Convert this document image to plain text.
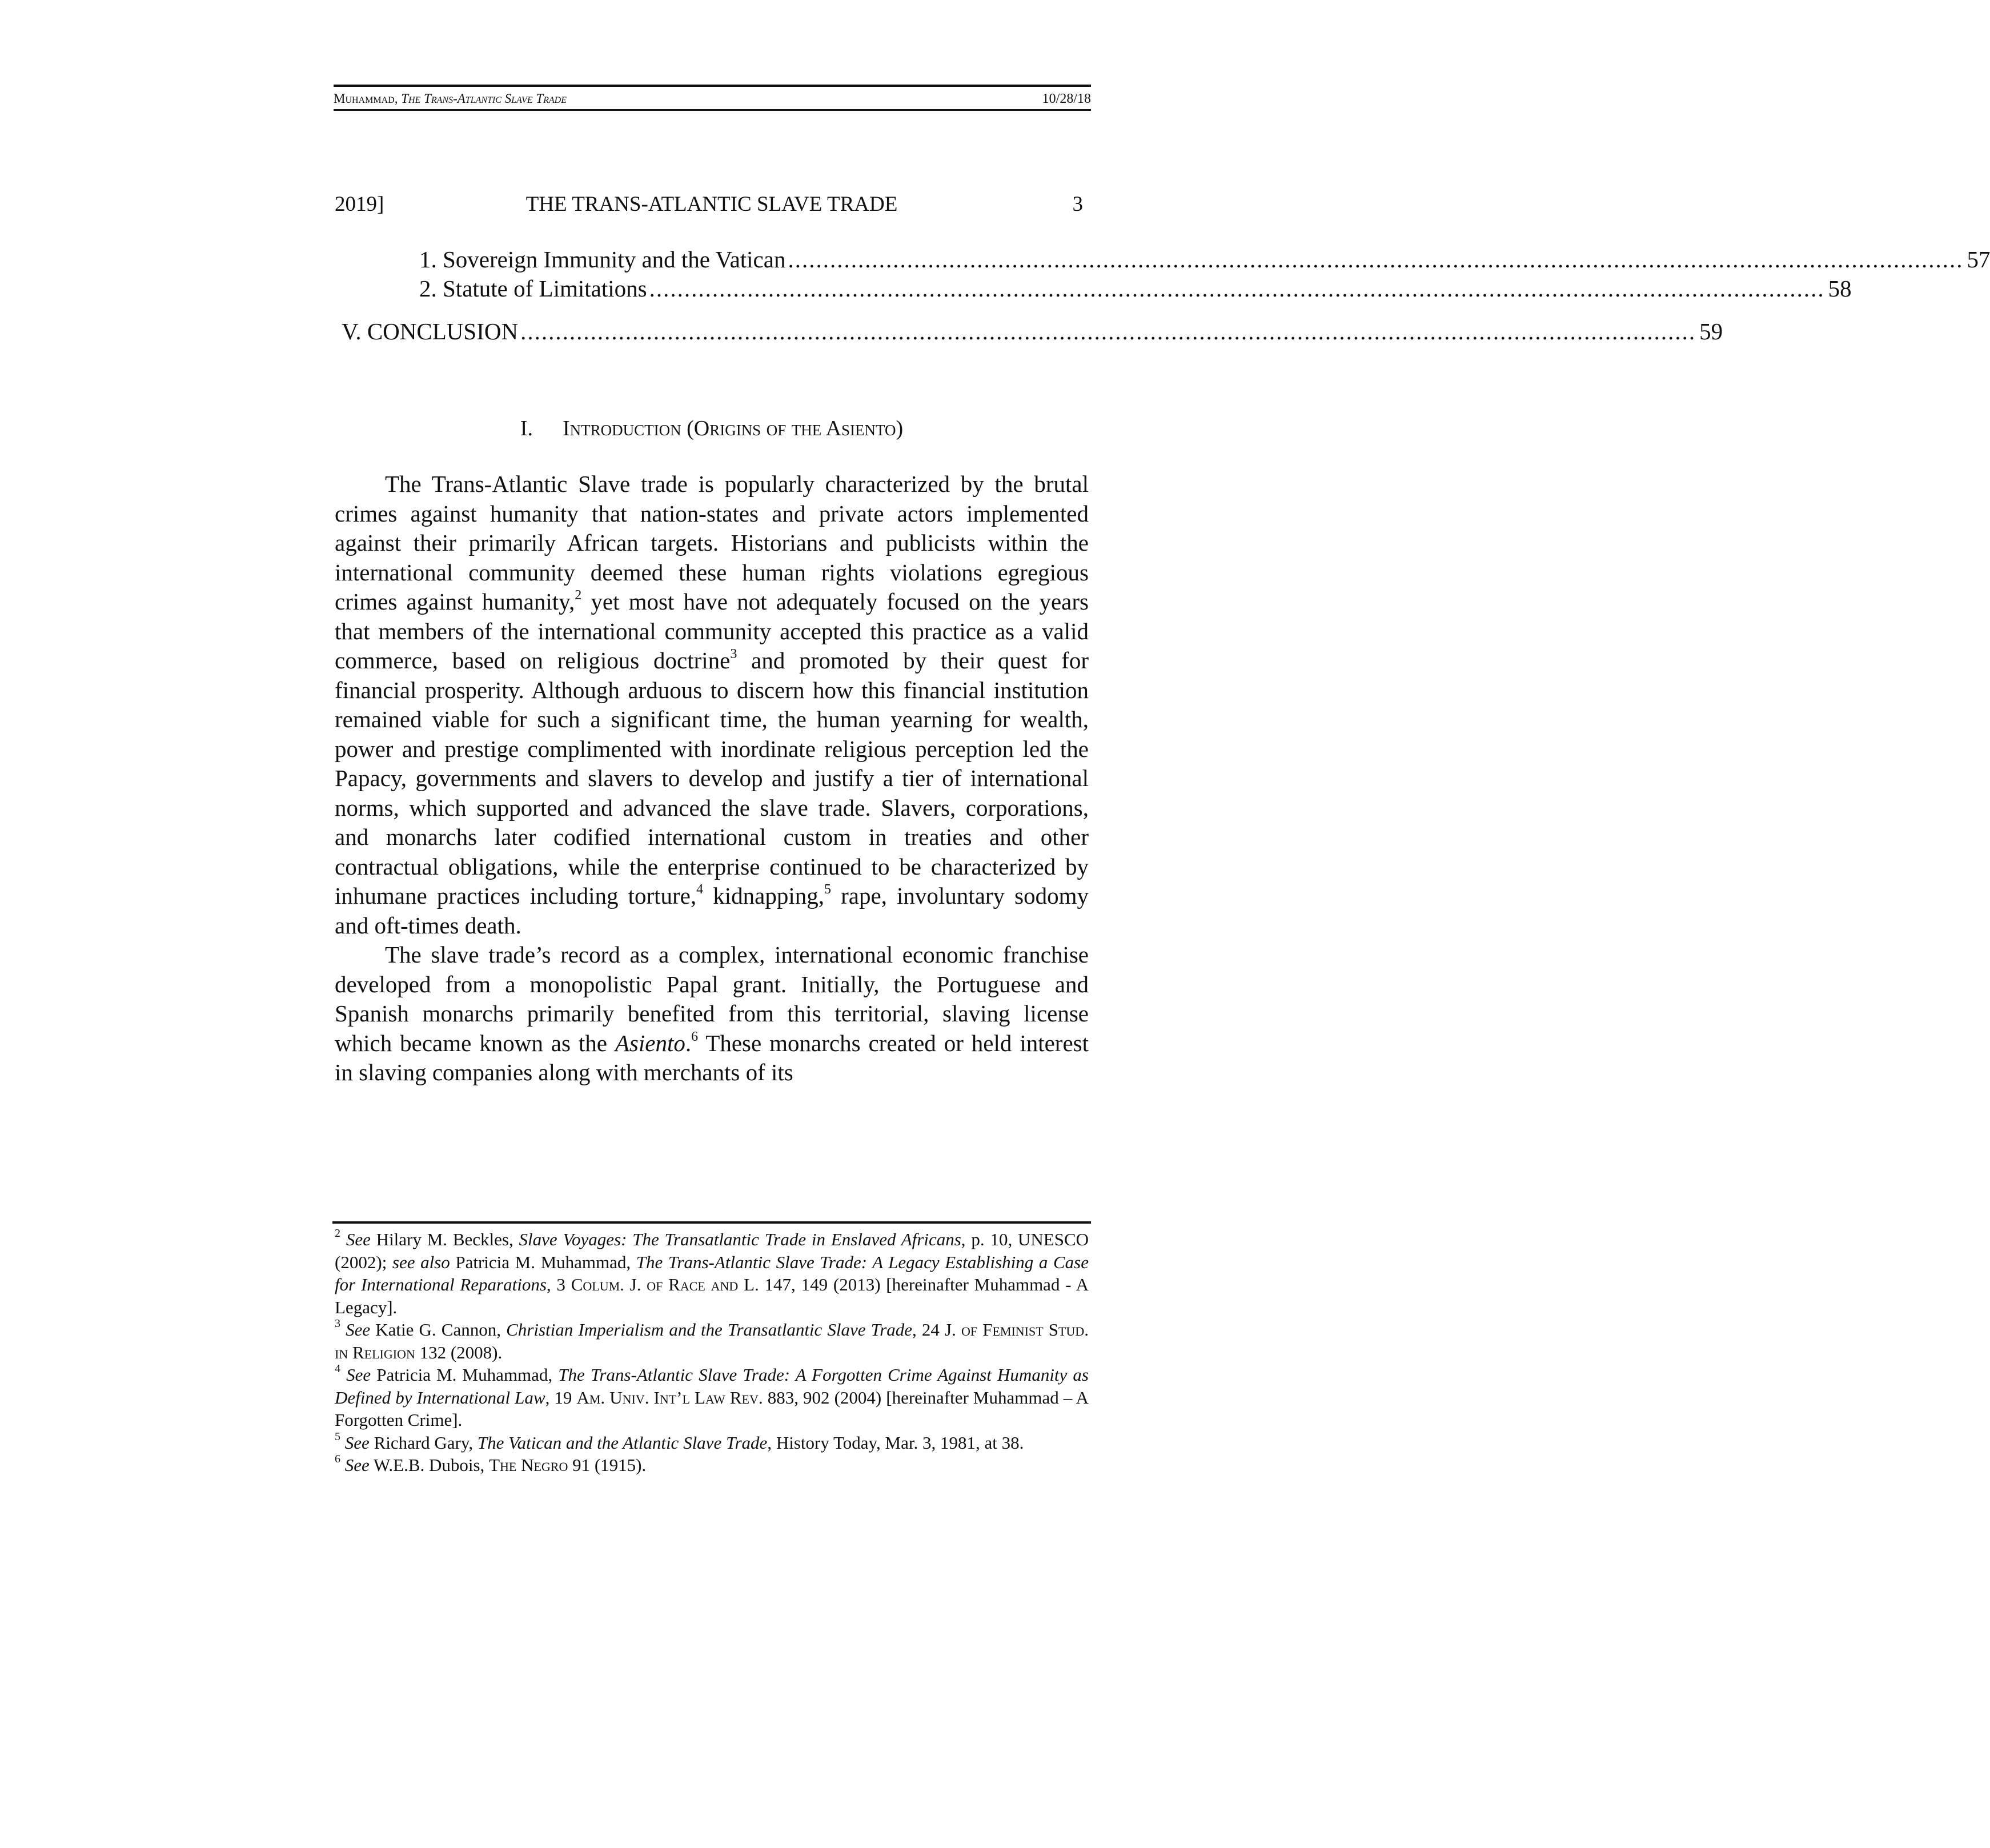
Muhammad, The Trans-Atlantic Slave Trade	10/28/18
2019]	THE TRANS-ATLANTIC SLAVE TRADE	3
1. Sovereign Immunity and the Vatican ........................................................................................................................................................................ 57
2. Statute of Limitations ........................................................................................................................................................................ 58
V. CONCLUSION ........................................................................................................................................................................ 59
I. Introduction (Origins of the Asiento)

The Trans-Atlantic Slave trade is popularly characterized by the brutal crimes against humanity that nation-states and private actors implemented against their primarily African targets. Historians and publicists within the international community deemed these human rights violations egregious crimes against humanity,$^2$ yet most have not adequately focused on the years that members of the international community accepted this practice as a valid commerce, based on religious doctrine$^3$ and promoted by their quest for financial prosperity. Although arduous to discern how this financial institution remained viable for such a significant time, the human yearning for wealth, power and prestige complimented with inordinate religious perception led the Papacy, governments and slavers to develop and justify a tier of international norms, which supported and advanced the slave trade. Slavers, corporations, and monarchs later codified international custom in treaties and other contractual obligations, while the enterprise continued to be characterized by inhumane practices including torture,$^4$ kidnapping,$^5$ rape, involuntary sodomy and oft-times death.

The slave trade’s record as a complex, international economic franchise developed from a monopolistic Papal grant. Initially, the Portuguese and Spanish monarchs primarily benefited from this territorial, slaving license which became known as the Asiento.$^6$ These monarchs created or held interest in slaving companies along with merchants of its

$^2$ See Hilary M. Beckles, Slave Voyages: The Transatlantic Trade in Enslaved Africans, p. 10, UNESCO (2002); see also Patricia M. Muhammad, The Trans-Atlantic Slave Trade: A Legacy Establishing a Case for International Reparations, 3 Colum. J. of Race and L. 147, 149 (2013) [hereinafter Muhammad - A Legacy].

$^3$ See Katie G. Cannon, Christian Imperialism and the Transatlantic Slave Trade, 24 J. of Feminist Stud. in Religion 132 (2008).

$^4$ See Patricia M. Muhammad, The Trans-Atlantic Slave Trade: A Forgotten Crime Against Humanity as Defined by International Law, 19 Am. Univ. Int’l Law Rev. 883, 902 (2004) [hereinafter Muhammad – A Forgotten Crime].

$^5$ See Richard Gary, The Vatican and the Atlantic Slave Trade, History Today, Mar. 3, 1981, at 38.

$^6$ See W.E.B. Dubois, The Negro 91 (1915).
